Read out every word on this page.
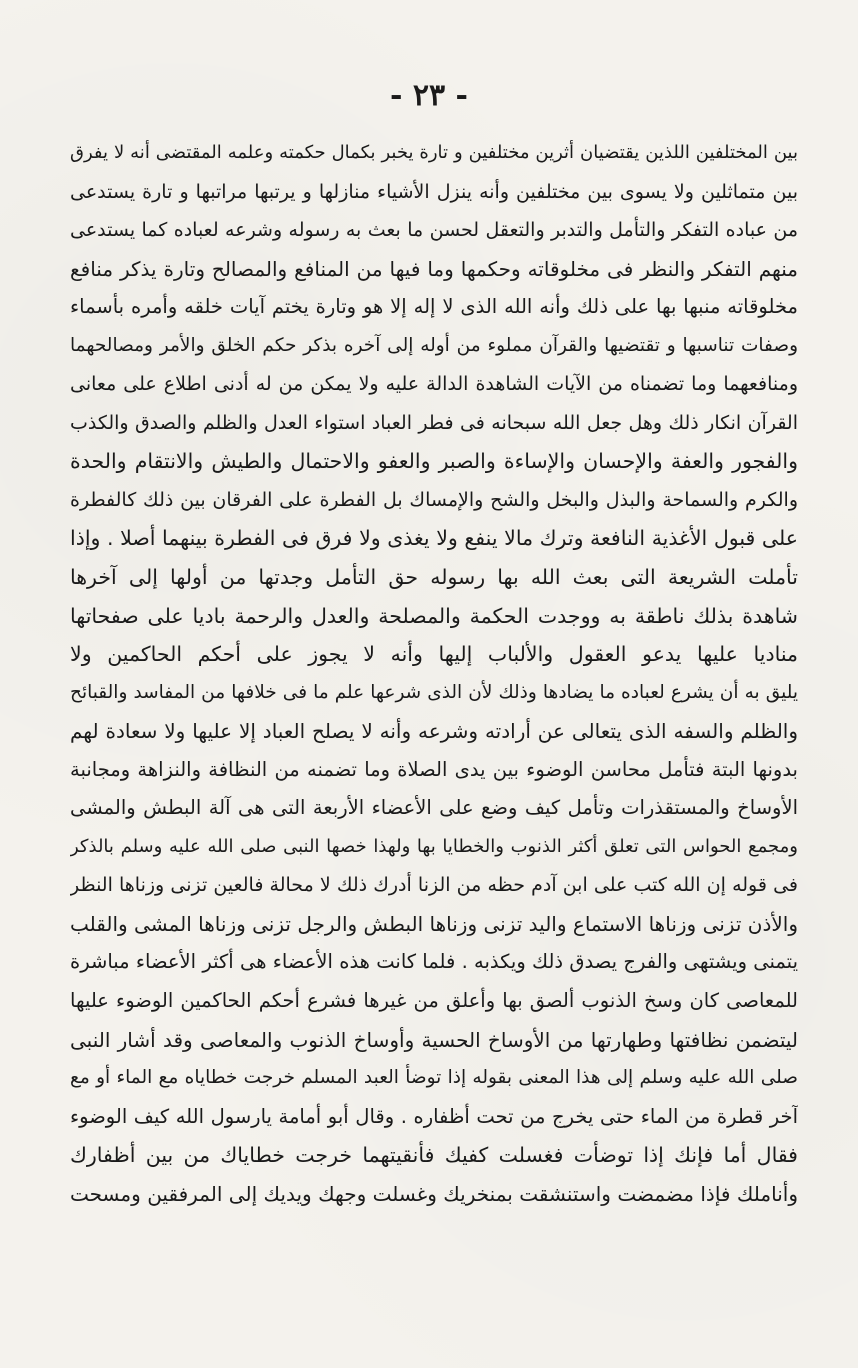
- ٢٣ -
بين المختلفين اللذين يقتضيان أثرين مختلفين و تارة يخبر بكمال حكمته وعلمه المقتضى أنه لا يفرق
بين متماثلين ولا يسوى بين مختلفين وأنه ينزل الأشياء منازلها و يرتبها مراتبها و تارة يستدعى
من عباده التفكر والتأمل والتدبر والتعقل لحسن ما بعث به رسوله وشرعه لعباده كما يستدعى
منهم التفكر والنظر فى مخلوقاته وحكمها وما فيها من المنافع والمصالح وتارة يذكر منافع
مخلوقاته منبها بها على ذلك وأنه الله الذى لا إله إلا هو وتارة يختم آيات خلقه وأمره بأسماء
وصفات تناسبها و تقتضيها والقرآن مملوء من أوله إلى آخره بذكر حكم الخلق والأمر ومصالحهما
ومنافعهما وما تضمناه من الآيات الشاهدة الدالة عليه ولا يمكن من له أدنى اطلاع على معانى
القرآن انكار ذلك وهل جعل الله سبحانه فى فطر العباد استواء العدل والظلم والصدق والكذب
والفجور والعفة والإحسان والإساءة والصبر والعفو والاحتمال والطيش والانتقام والحدة
والكرم والسماحة والبذل والبخل والشح والإمساك بل الفطرة على الفرقان بين ذلك كالفطرة
على قبول الأغذية النافعة وترك مالا ينفع ولا يغذى ولا فرق فى الفطرة بينهما أصلا . وإذا
تأملت الشريعة التى بعث الله بها رسوله حق التأمل وجدتها من أولها إلى آخرها
شاهدة بذلك ناطقة به ووجدت الحكمة والمصلحة والعدل والرحمة باديا على صفحاتها
مناديا عليها يدعو العقول والألباب إليها وأنه لا يجوز على أحكم الحاكمين ولا
يليق به أن يشرع لعباده ما يضادها وذلك لأن الذى شرعها علم ما فى خلافها من المفاسد والقبائح
والظلم والسفه الذى يتعالى عن أرادته وشرعه وأنه لا يصلح العباد إلا عليها ولا سعادة لهم
بدونها البتة فتأمل محاسن الوضوء بين يدى الصلاة وما تضمنه من النظافة والنزاهة ومجانبة
الأوساخ والمستقذرات وتأمل كيف وضع على الأعضاء الأربعة التى هى آلة البطش والمشى
ومجمع الحواس التى تعلق أكثر الذنوب والخطايا بها ولهذا خصها النبى صلى الله عليه وسلم بالذكر
فى قوله إن الله كتب على ابن آدم حظه من الزنا أدرك ذلك لا محالة فالعين تزنى وزناها النظر
والأذن تزنى وزناها الاستماع واليد تزنى وزناها البطش والرجل تزنى وزناها المشى والقلب
يتمنى ويشتهى والفرج يصدق ذلك ويكذبه . فلما كانت هذه الأعضاء هى أكثر الأعضاء مباشرة
للمعاصى كان وسخ الذنوب ألصق بها وأعلق من غيرها فشرع أحكم الحاكمين الوضوء عليها
ليتضمن نظافتها وطهارتها من الأوساخ الحسية وأوساخ الذنوب والمعاصى وقد أشار النبى
صلى الله عليه وسلم إلى هذا المعنى بقوله إذا توضأ العبد المسلم خرجت خطاياه مع الماء أو مع
آخر قطرة من الماء حتى يخرج من تحت أظفاره . وقال أبو أمامة يارسول الله كيف الوضوء
فقال أما فإنك إذا توضأت فغسلت كفيك فأنقيتهما خرجت خطاياك من بين أظفارك
وأناملك فإذا مضمضت واستنشقت بمنخريك وغسلت وجهك ويديك إلى المرفقين ومسحت
